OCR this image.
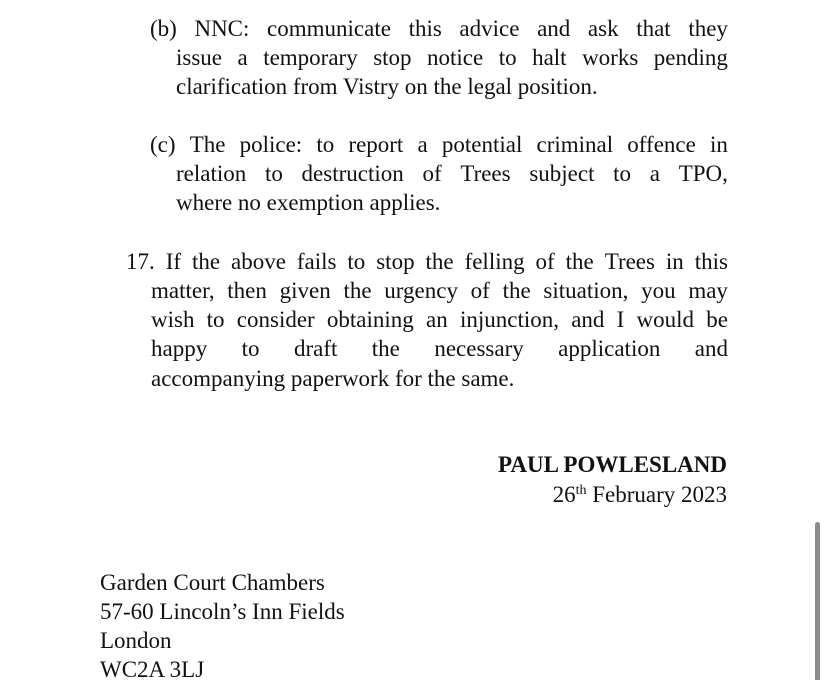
(b) NNC: communicate this advice and ask that they
issue a temporary stop notice to halt works pending
clarification from Vistry on the legal position.
(c) The police: to report a potential criminal offence in
relation to destruction of Trees subject to a TPO,
where no exemption applies.
17. If the above fails to stop the felling of the Trees in this
matter, then given the urgency of the situation, you may
wish to consider obtaining an injunction, and I would be
happy to draft the necessary application and
accompanying paperwork for the same.
PAUL POWLESLAND
26th February 2023
Garden Court Chambers
57-60 Lincoln’s Inn Fields
London
WC2A 3LJ
